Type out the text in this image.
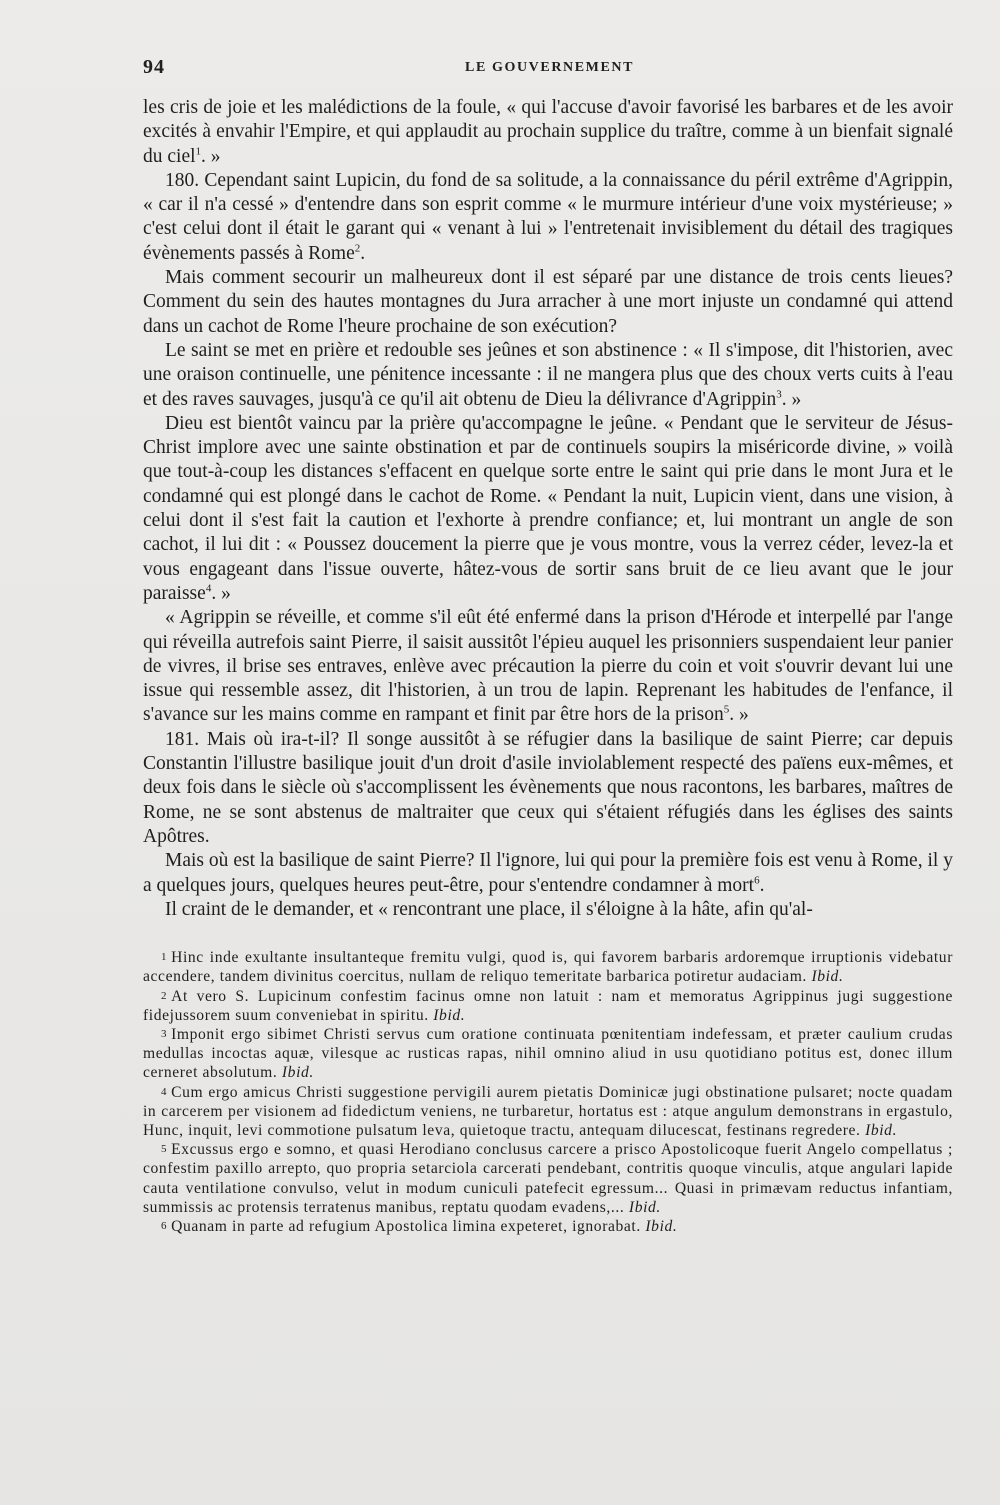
94	LE GOUVERNEMENT

les cris de joie et les malédictions de la foule, « qui l'accuse d'avoir favorisé les barbares et de les avoir excités à envahir l'Empire, et qui applaudit au prochain supplice du traître, comme à un bienfait signalé du ciel$^1$. »

180. Cependant saint Lupicin, du fond de sa solitude, a la connaissance du péril extrême d'Agrippin, « car il n'a cessé » d'entendre dans son esprit comme « le murmure intérieur d'une voix mystérieuse; » c'est celui dont il était le garant qui « venant à lui » l'entretenait invisiblement du détail des tragiques évènements passés à Rome$^2$.

Mais comment secourir un malheureux dont il est séparé par une distance de trois cents lieues? Comment du sein des hautes montagnes du Jura arracher à une mort injuste un condamné qui attend dans un cachot de Rome l'heure prochaine de son exécution?

Le saint se met en prière et redouble ses jeûnes et son abstinence : « Il s'impose, dit l'historien, avec une oraison continuelle, une pénitence incessante : il ne mangera plus que des choux verts cuits à l'eau et des raves sauvages, jusqu'à ce qu'il ait obtenu de Dieu la délivrance d'Agrippin$^3$. »

Dieu est bientôt vaincu par la prière qu'accompagne le jeûne. « Pendant que le serviteur de Jésus-Christ implore avec une sainte obstination et par de continuels soupirs la miséricorde divine, » voilà que tout-à-coup les distances s'effacent en quelque sorte entre le saint qui prie dans le mont Jura et le condamné qui est plongé dans le cachot de Rome. « Pendant la nuit, Lupicin vient, dans une vision, à celui dont il s'est fait la caution et l'exhorte à prendre confiance; et, lui montrant un angle de son cachot, il lui dit : « Poussez doucement la pierre que je vous montre, vous la verrez céder, levez-la et vous engageant dans l'issue ouverte, hâtez-vous de sortir sans bruit de ce lieu avant que le jour paraisse$^4$. »

« Agrippin se réveille, et comme s'il eût été enfermé dans la prison d'Hérode et interpellé par l'ange qui réveilla autrefois saint Pierre, il saisit aussitôt l'épieu auquel les prisonniers suspendaient leur panier de vivres, il brise ses entraves, enlève avec précaution la pierre du coin et voit s'ouvrir devant lui une issue qui ressemble assez, dit l'historien, à un trou de lapin. Reprenant les habitudes de l'enfance, il s'avance sur les mains comme en rampant et finit par être hors de la prison$^5$. »

181. Mais où ira-t-il? Il songe aussitôt à se réfugier dans la basilique de saint Pierre; car depuis Constantin l'illustre basilique jouit d'un droit d'asile inviolablement respecté des païens eux-mêmes, et deux fois dans le siècle où s'accomplissent les évènements que nous racontons, les barbares, maîtres de Rome, ne se sont abstenus de maltraiter que ceux qui s'étaient réfugiés dans les églises des saints Apôtres.

Mais où est la basilique de saint Pierre? Il l'ignore, lui qui pour la première fois est venu à Rome, il y a quelques jours, quelques heures peut-être, pour s'entendre condamner à mort$^6$.

Il craint de le demander, et « rencontrant une place, il s'éloigne à la hâte, afin qu'al-

1 Hinc inde exultante insultanteque fremitu vulgi, quod is, qui favorem barbaris ardoremque irruptionis videbatur accendere, tandem divinitus coercitus, nullam de reliquo temeritate barbarica potiretur audaciam. Ibid.

2 At vero S. Lupicinum confestim facinus omne non latuit : nam et memoratus Agrippinus jugi suggestione fidejussorem suum conveniebat in spiritu. Ibid.

3 Imponit ergo sibimet Christi servus cum oratione continuata pœnitentiam indefessam, et præter caulium crudas medullas incoctas aquæ, vilesque ac rusticas rapas, nihil omnino aliud in usu quotidiano potitus est, donec illum cerneret absolutum. Ibid.

4 Cum ergo amicus Christi suggestione pervigili aurem pietatis Dominicæ jugi obstinatione pulsaret; nocte quadam in carcerem per visionem ad fidedictum veniens, ne turbaretur, hortatus est : atque angulum demonstrans in ergastulo, Hunc, inquit, levi commotione pulsatum leva, quietoque tractu, antequam dilucescat, festinans regredere. Ibid.

5 Excussus ergo e somno, et quasi Herodiano conclusus carcere a prisco Apostolicoque fuerit Angelo compellatus ; confestim paxillo arrepto, quo propria setarciola carcerati pendebant, contritis quoque vinculis, atque angulari lapide cauta ventilatione convulso, velut in modum cuniculi patefecit egressum... Quasi in primævam reductus infantiam, summissis ac protensis terratenus manibus, reptatu quodam evadens,... Ibid.

6 Quanam in parte ad refugium Apostolica limina expeteret, ignorabat. Ibid.
